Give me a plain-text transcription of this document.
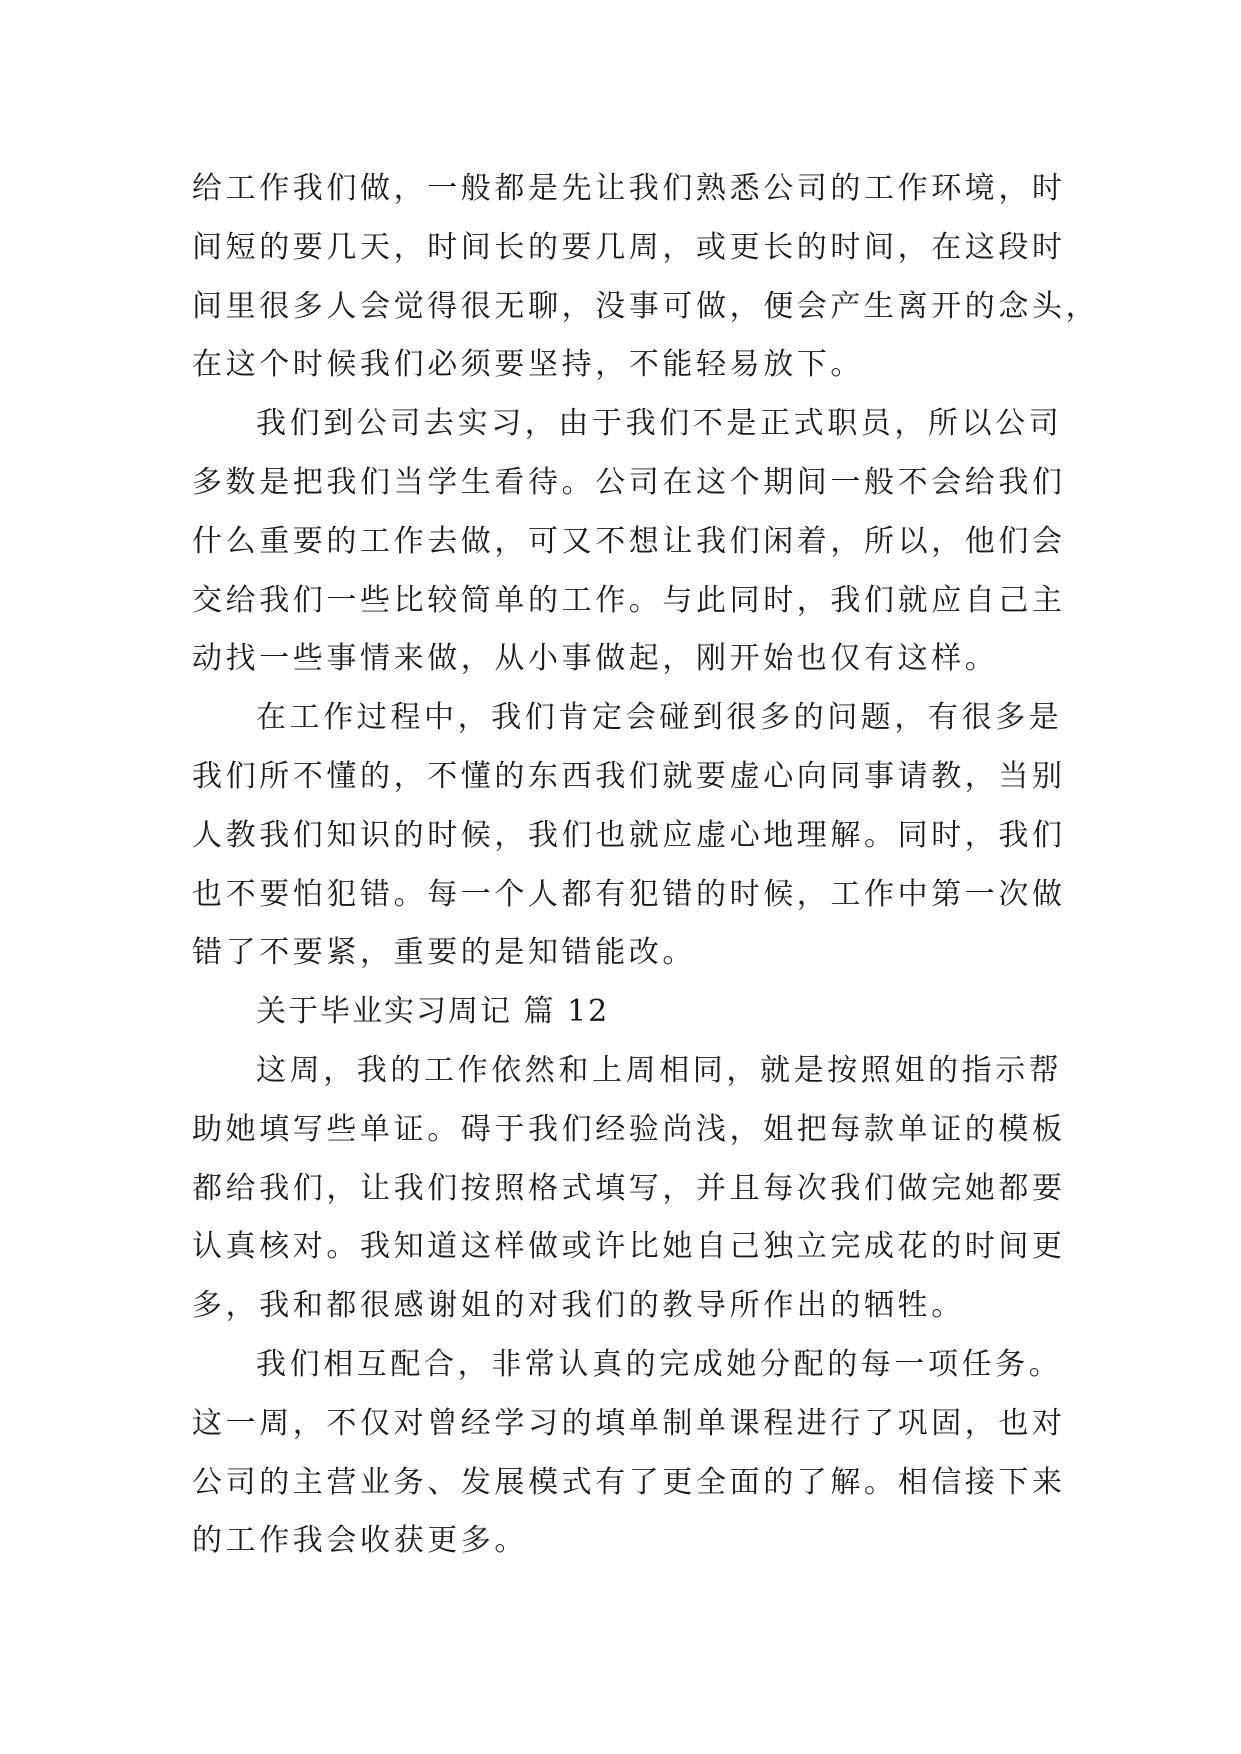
给工作我们做，一般都是先让我们熟悉公司的工作环境，时
间短的要几天，时间长的要几周，或更长的时间，在这段时
间里很多人会觉得很无聊，没事可做，便会产生离开的念头，
在这个时候我们必须要坚持，不能轻易放下。
我们到公司去实习，由于我们不是正式职员，所以公司
多数是把我们当学生看待。公司在这个期间一般不会给我们
什么重要的工作去做，可又不想让我们闲着，所以，他们会
交给我们一些比较简单的工作。与此同时，我们就应自己主
动找一些事情来做，从小事做起，刚开始也仅有这样。
在工作过程中，我们肯定会碰到很多的问题，有很多是
我们所不懂的，不懂的东西我们就要虚心向同事请教，当别
人教我们知识的时候，我们也就应虚心地理解。同时，我们
也不要怕犯错。每一个人都有犯错的时候，工作中第一次做
错了不要紧，重要的是知错能改。
关于毕业实习周记 篇 12
这周，我的工作依然和上周相同，就是按照姐的指示帮
助她填写些单证。碍于我们经验尚浅，姐把每款单证的模板
都给我们，让我们按照格式填写，并且每次我们做完她都要
认真核对。我知道这样做或许比她自己独立完成花的时间更
多，我和都很感谢姐的对我们的教导所作出的牺牲。
我们相互配合，非常认真的完成她分配的每一项任务。
这一周，不仅对曾经学习的填单制单课程进行了巩固，也对
公司的主营业务、发展模式有了更全面的了解。相信接下来
的工作我会收获更多。
